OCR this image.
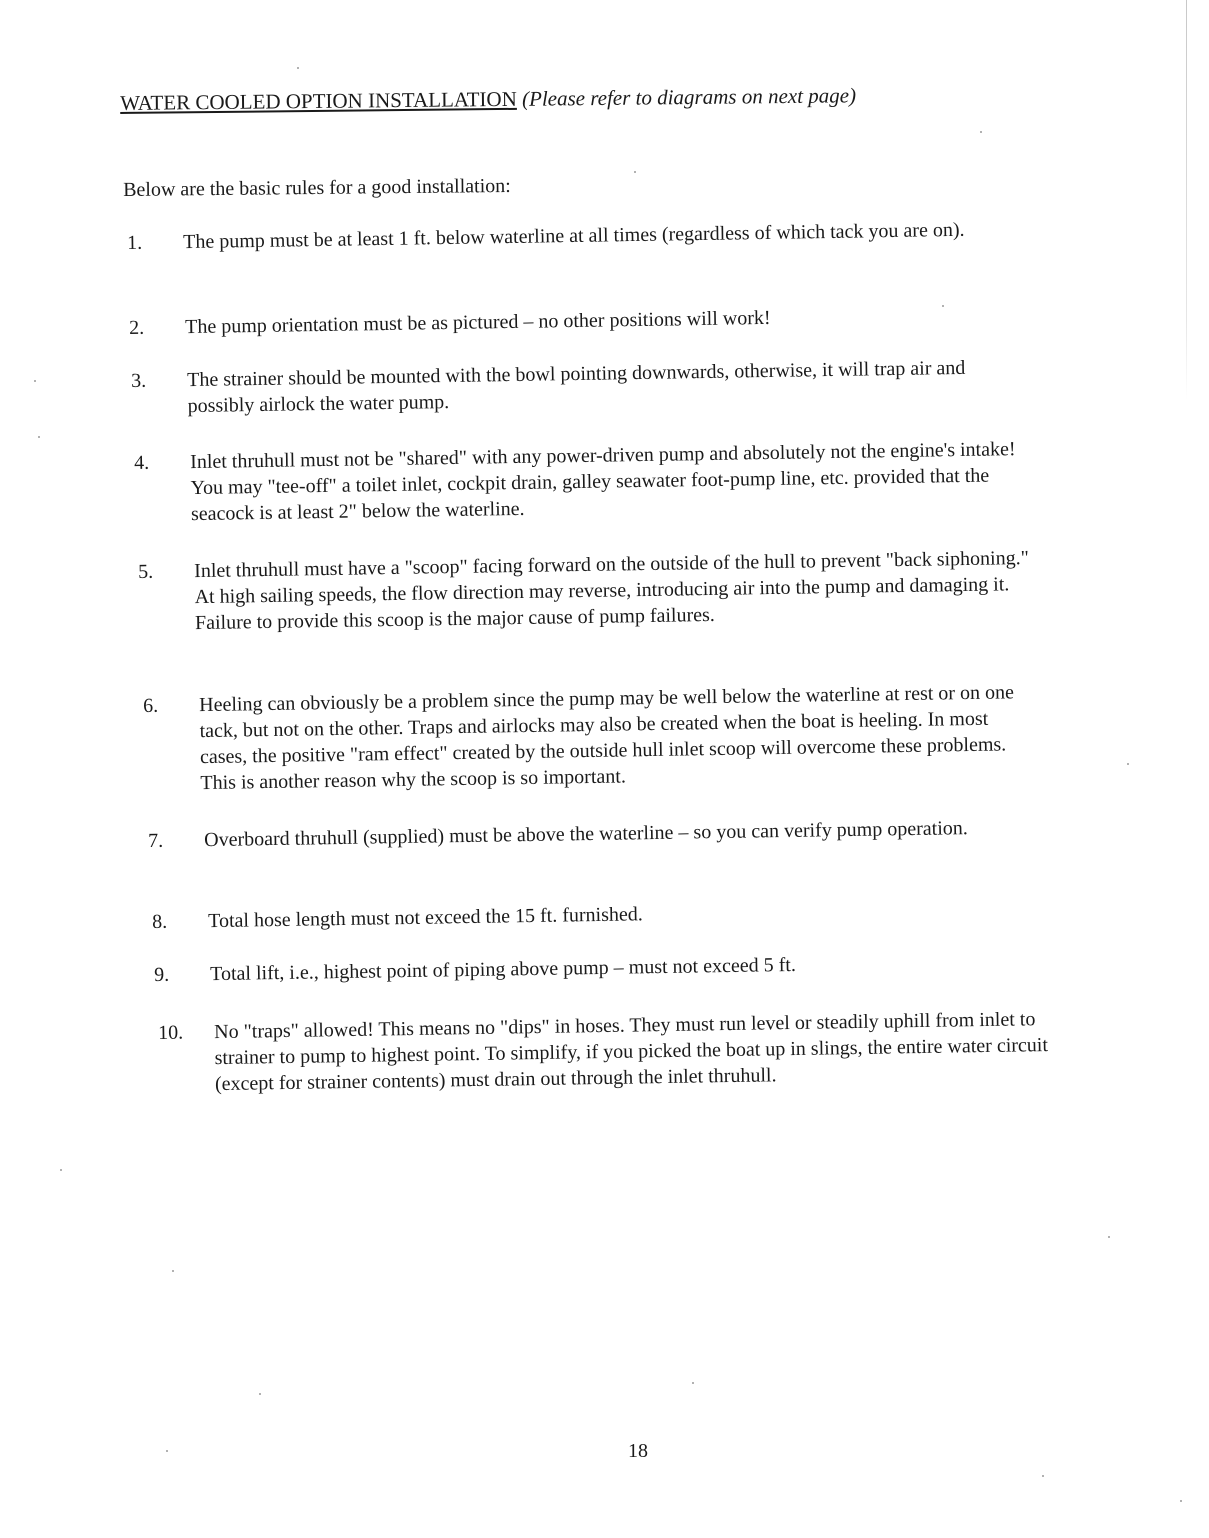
WATER COOLED OPTION INSTALLATION (Please refer to diagrams on next page)
Below are the basic rules for a good installation:
1.	The pump must be at least 1 ft. below waterline at all times (regardless of which tack you are on).
2.	The pump orientation must be as pictured – no other positions will work!
3.	The strainer should be mounted with the bowl pointing downwards, otherwise, it will trap air and possibly airlock the water pump.
4.	Inlet thruhull must not be "shared" with any power-driven pump and absolutely not the engine's intake! You may "tee-off" a toilet inlet, cockpit drain, galley seawater foot-pump line, etc. provided that the seacock is at least 2" below the waterline.
5.	Inlet thruhull must have a "scoop" facing forward on the outside of the hull to prevent "back siphoning." At high sailing speeds, the flow direction may reverse, introducing air into the pump and damaging it. Failure to provide this scoop is the major cause of pump failures.
6.	Heeling can obviously be a problem since the pump may be well below the waterline at rest or on one tack, but not on the other. Traps and airlocks may also be created when the boat is heeling. In most cases, the positive "ram effect" created by the outside hull inlet scoop will overcome these problems. This is another reason why the scoop is so important.
7.	Overboard thruhull (supplied) must be above the waterline – so you can verify pump operation.
8.	Total hose length must not exceed the 15 ft. furnished.
9.	Total lift, i.e., highest point of piping above pump – must not exceed 5 ft.
10.	No "traps" allowed! This means no "dips" in hoses. They must run level or steadily uphill from inlet to strainer to pump to highest point. To simplify, if you picked the boat up in slings, the entire water circuit (except for strainer contents) must drain out through the inlet thruhull.
18
